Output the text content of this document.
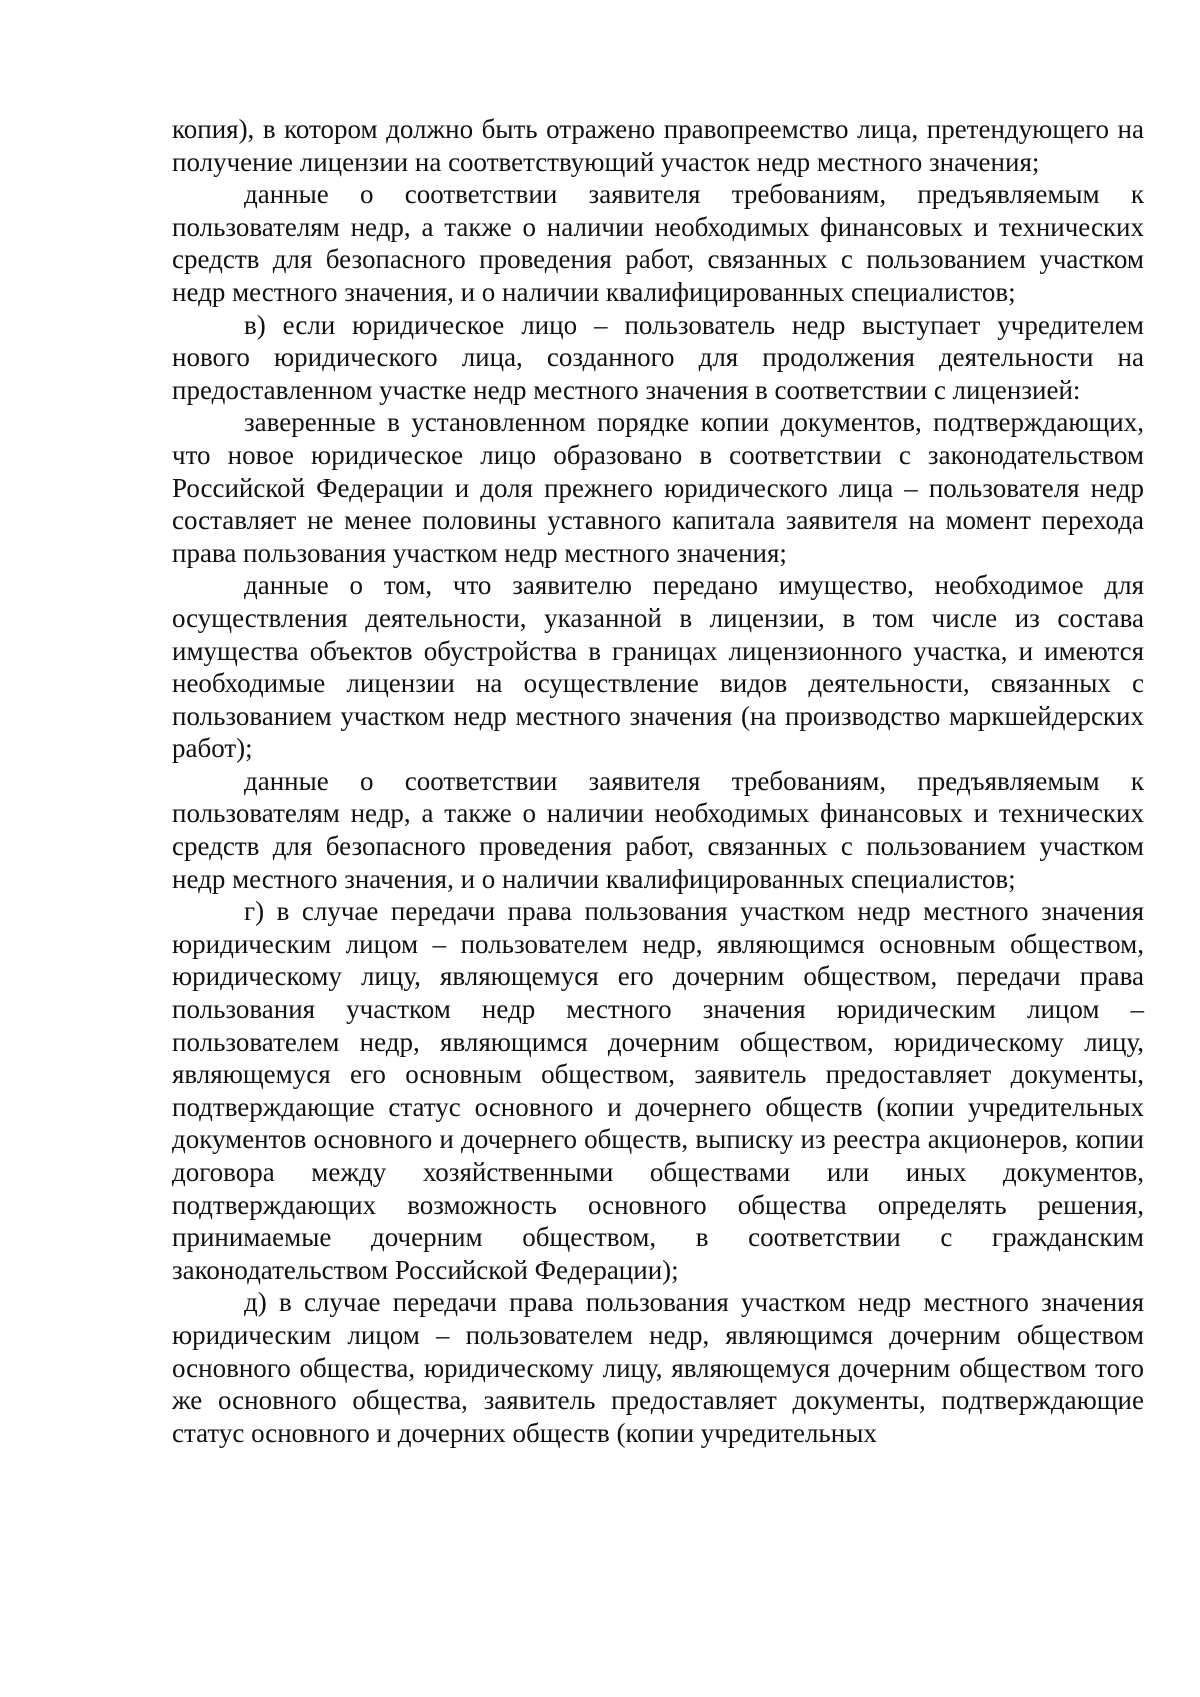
копия), в котором должно быть отражено правопреемство лица, претендующего на получение лицензии на соответствующий участок недр местного значения;

данные о соответствии заявителя требованиям, предъявляемым к пользователям недр, а также о наличии необходимых финансовых и технических средств для безопасного проведения работ, связанных с пользованием участком недр местного значения, и о наличии квалифицированных специалистов;

в) если юридическое лицо – пользователь недр выступает учредителем нового юридического лица, созданного для продолжения деятельности на предоставленном участке недр местного значения в соответствии с лицензией:

заверенные в установленном порядке копии документов, подтверждающих, что новое юридическое лицо образовано в соответствии с законодательством Российской Федерации и доля прежнего юридического лица – пользователя недр составляет не менее половины уставного капитала заявителя на момент перехода права пользования участком недр местного значения;

данные о том, что заявителю передано имущество, необходимое для осуществления деятельности, указанной в лицензии, в том числе из состава имущества объектов обустройства в границах лицензионного участка, и имеются необходимые лицензии на осуществление видов деятельности, связанных с пользованием участком недр местного значения (на производство маркшейдерских работ);

данные о соответствии заявителя требованиям, предъявляемым к пользователям недр, а также о наличии необходимых финансовых и технических средств для безопасного проведения работ, связанных с пользованием участком недр местного значения, и о наличии квалифицированных специалистов;

г) в случае передачи права пользования участком недр местного значения юридическим лицом – пользователем недр, являющимся основным обществом, юридическому лицу, являющемуся его дочерним обществом, передачи права пользования участком недр местного значения юридическим лицом – пользователем недр, являющимся дочерним обществом, юридическому лицу, являющемуся его основным обществом, заявитель предоставляет документы, подтверждающие статус основного и дочернего обществ (копии учредительных документов основного и дочернего обществ, выписку из реестра акционеров, копии договора между хозяйственными обществами или иных документов, подтверждающих возможность основного общества определять решения, принимаемые дочерним обществом, в соответствии с гражданским законодательством Российской Федерации);

д) в случае передачи права пользования участком недр местного значения юридическим лицом – пользователем недр, являющимся дочерним обществом основного общества, юридическому лицу, являющемуся дочерним обществом того же основного общества, заявитель предоставляет документы, подтверждающие статус основного и дочерних обществ (копии учредительных
